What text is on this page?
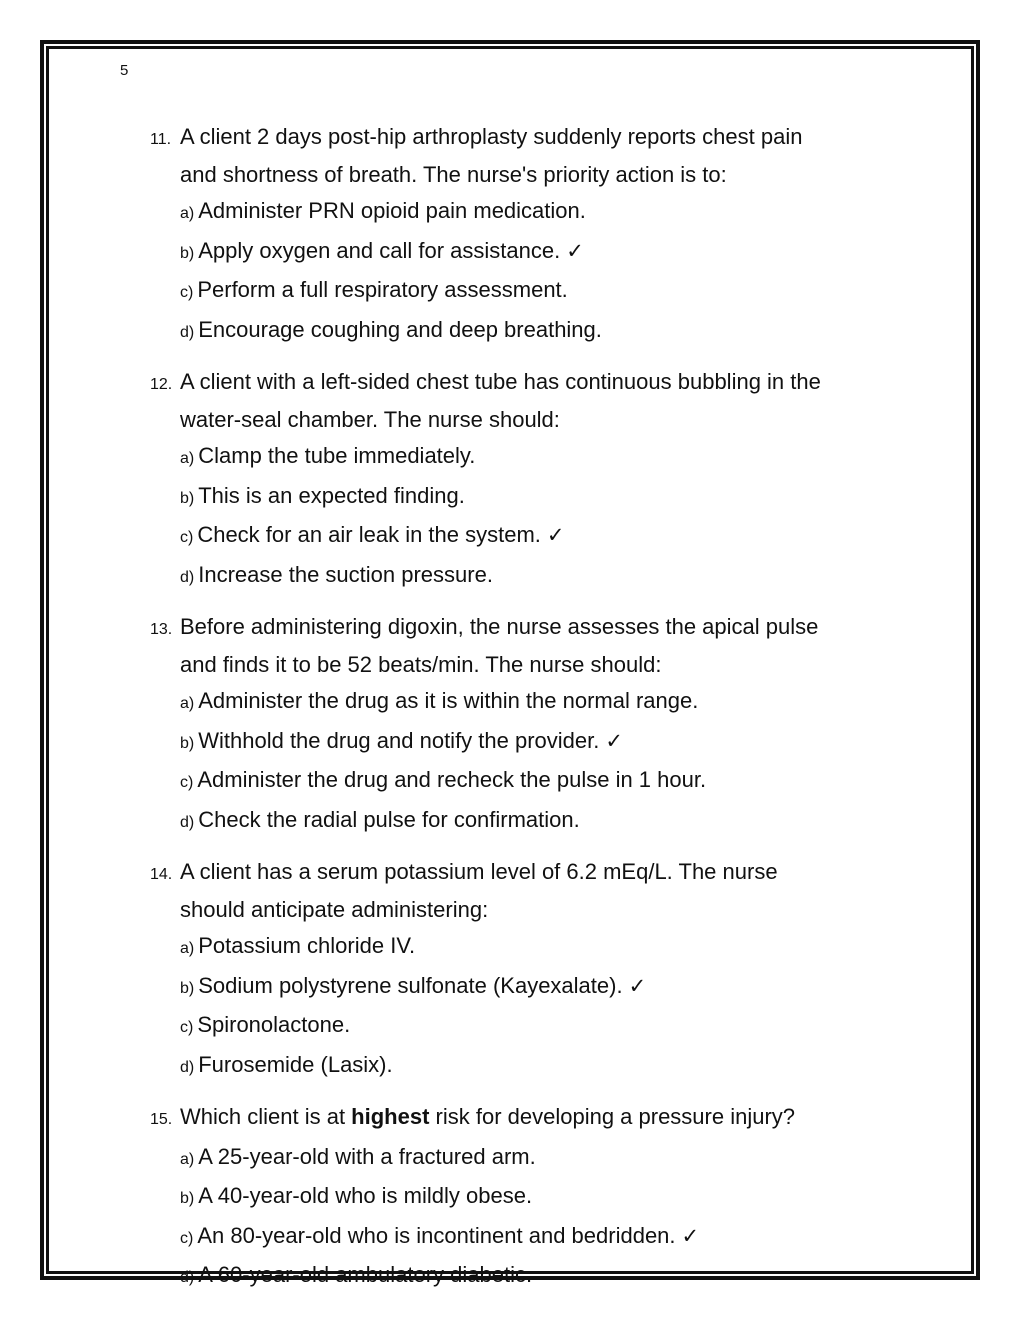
5
11. A client 2 days post-hip arthroplasty suddenly reports chest pain and shortness of breath. The nurse's priority action is to:
a) Administer PRN opioid pain medication.
b) Apply oxygen and call for assistance. ✓
c) Perform a full respiratory assessment.
d) Encourage coughing and deep breathing.
12. A client with a left-sided chest tube has continuous bubbling in the water-seal chamber. The nurse should:
a) Clamp the tube immediately.
b) This is an expected finding.
c) Check for an air leak in the system. ✓
d) Increase the suction pressure.
13. Before administering digoxin, the nurse assesses the apical pulse and finds it to be 52 beats/min. The nurse should:
a) Administer the drug as it is within the normal range.
b) Withhold the drug and notify the provider. ✓
c) Administer the drug and recheck the pulse in 1 hour.
d) Check the radial pulse for confirmation.
14. A client has a serum potassium level of 6.2 mEq/L. The nurse should anticipate administering:
a) Potassium chloride IV.
b) Sodium polystyrene sulfonate (Kayexalate). ✓
c) Spironolactone.
d) Furosemide (Lasix).
15. Which client is at highest risk for developing a pressure injury?
a) A 25-year-old with a fractured arm.
b) A 40-year-old who is mildly obese.
c) An 80-year-old who is incontinent and bedridden. ✓
d) A 60-year-old ambulatory diabetic.
